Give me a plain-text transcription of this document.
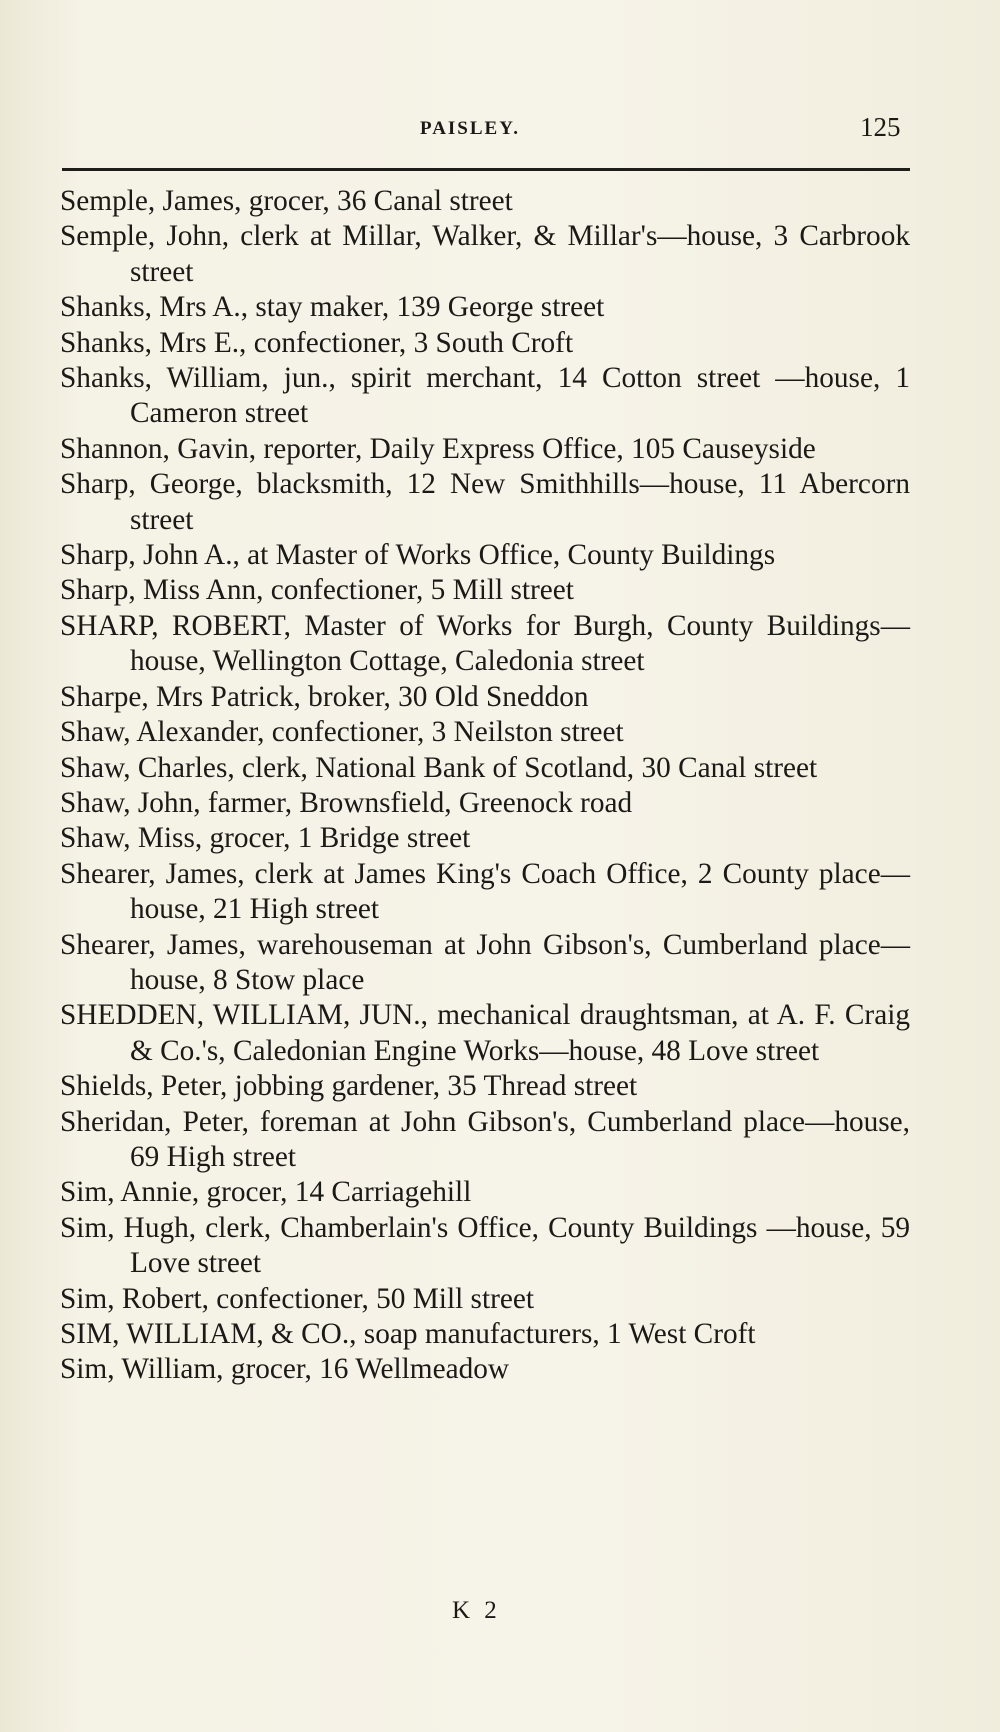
PAISLEY.	125

Semple, James, grocer, 36 Canal street

Semple, John, clerk at Millar, Walker, & Millar's—house, 3 Carbrook street

Shanks, Mrs A., stay maker, 139 George street

Shanks, Mrs E., confectioner, 3 South Croft

Shanks, William, jun., spirit merchant, 14 Cotton street —house, 1 Cameron street

Shannon, Gavin, reporter, Daily Express Office, 105 Causeyside

Sharp, George, blacksmith, 12 New Smithhills—house, 11 Abercorn street

Sharp, John A., at Master of Works Office, County Buildings

Sharp, Miss Ann, confectioner, 5 Mill street

SHARP, ROBERT, Master of Works for Burgh, County Buildings—house, Wellington Cottage, Caledonia street

Sharpe, Mrs Patrick, broker, 30 Old Sneddon

Shaw, Alexander, confectioner, 3 Neilston street

Shaw, Charles, clerk, National Bank of Scotland, 30 Canal street

Shaw, John, farmer, Brownsfield, Greenock road

Shaw, Miss, grocer, 1 Bridge street

Shearer, James, clerk at James King's Coach Office, 2 County place—house, 21 High street

Shearer, James, warehouseman at John Gibson's, Cumberland place—house, 8 Stow place

SHEDDEN, WILLIAM, JUN., mechanical draughtsman, at A. F. Craig & Co.'s, Caledonian Engine Works—house, 48 Love street

Shields, Peter, jobbing gardener, 35 Thread street

Sheridan, Peter, foreman at John Gibson's, Cumberland place—house, 69 High street

Sim, Annie, grocer, 14 Carriagehill

Sim, Hugh, clerk, Chamberlain's Office, County Buildings —house, 59 Love street

Sim, Robert, confectioner, 50 Mill street

SIM, WILLIAM, & CO., soap manufacturers, 1 West Croft

Sim, William, grocer, 16 Wellmeadow

K 2
